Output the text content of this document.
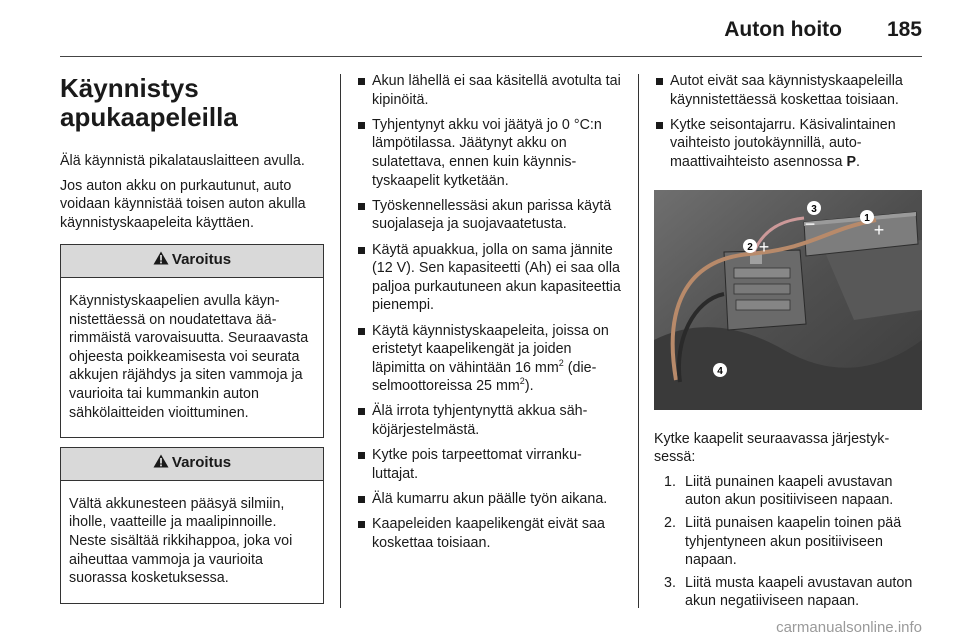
Auton hoito 185
Käynnistys
apukaapeleilla

Älä käynnistä pikalatauslaitteen avulla.

Jos auton akku on purkautunut, auto voidaan käynnistää toisen auton akulla käynnistyskaapeleita käyttäen.

Varoitus
Käynnistyskaapelien avulla käynnistettäessä on noudatettava äärimmäistä varovaisuutta. Seuraavasta ohjeesta poikkeamisesta voi seurata akkujen räjähdys ja siten vammoja ja vaurioita tai kummankin auton sähkölaitteiden vioittuminen.
Varoitus
Vältä akkunesteen pääsyä silmiin, iholle, vaatteille ja maalipinnoille. Neste sisältää rikkihappoa, joka voi aiheuttaa vammoja ja vaurioita suorassa kosketuksessa.
Akun lähellä ei saa käsitellä avotulta tai kipinöitä.
Tyhjentynyt akku voi jäätyä jo 0 °C:n lämpötilassa. Jäätynyt akku on sulatettava, ennen kuin käynnistyskaapelit kytketään.
Työskennellessäsi akun parissa käytä suojalaseja ja suojavaatetusta.
Käytä apuakkua, jolla on sama jännite (12 V). Sen kapasiteetti (Ah) ei saa olla paljoa purkautuneen akun kapasiteettia pienempi.
Käytä käynnistyskaapeleita, joissa on eristetyt kaapelikengät ja joiden läpimitta on vähintään 16 $mm^2$ (dieselmoottoreissa 25 $mm^2$).
Älä irrota tyhjentynyttä akkua sähköjärjestelmästä.
Kytke pois tarpeettomat virrankuluttajat.
Älä kumarru akun päälle työn aikana.
Kaapeleiden kaapelikengät eivät saa koskettaa toisiaan.
Autot eivät saa käynnistyskaapeleilla käynnistettäessä koskettaa toisiaan.
Kytke seisontajarru. Käsivalintainen vaihteisto joutokäynnillä, automaattivaihteisto asennossa P.
1
+
3
−
2 +
4

Kytke kaapelit seuraavassa järjestyksessä:

1. Liitä punainen kaapeli avustavan auton akun positiiviseen napaan.
2. Liitä punaisen kaapelin toinen pää tyhjentyneen akun positiiviseen napaan.
3. Liitä musta kaapeli avustavan auton akun negatiiviseen napaan.
carmanualsonline.info
